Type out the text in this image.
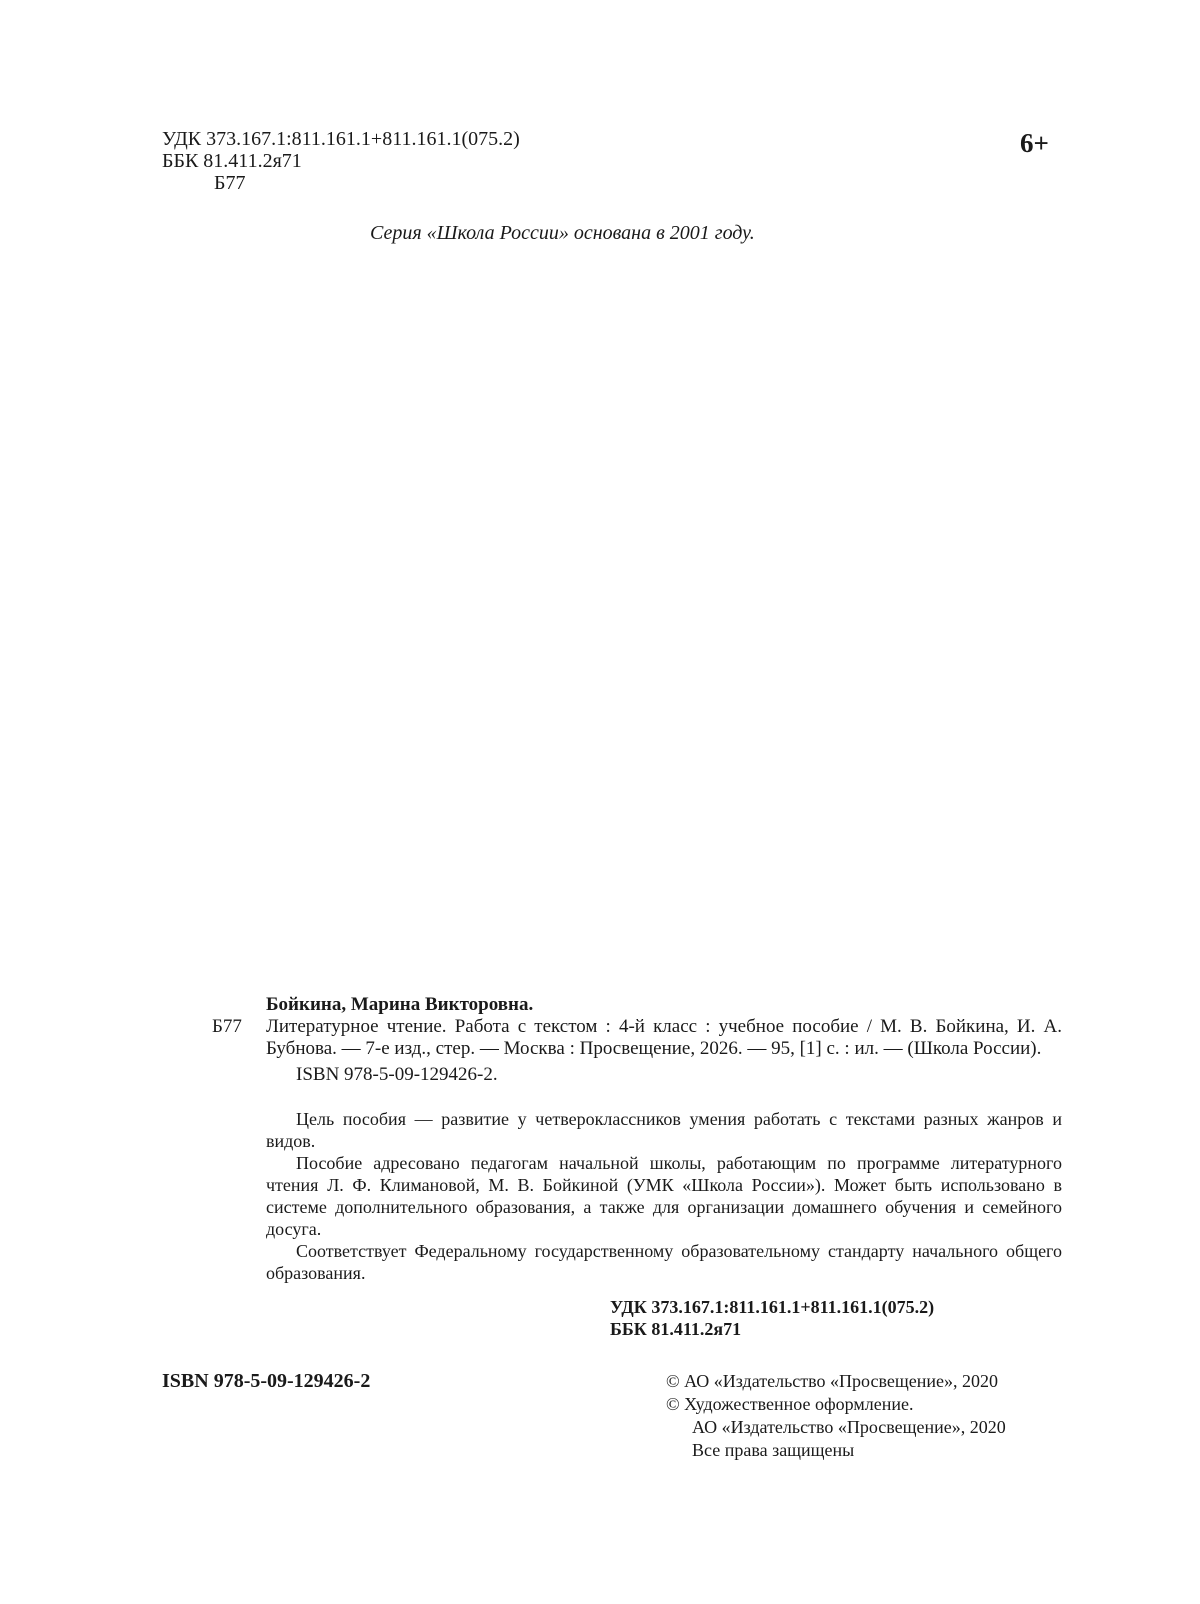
УДК 373.167.1:811.161.1+811.161.1(075.2)
ББК 81.411.2я71
Б77
6+
Серия «Школа России» основана в 2001 году.
Бойкина, Марина Викторовна.
Б77	Литературное чтение. Работа с текстом : 4-й класс : учебное пособие / М. В. Бойкина, И. А. Бубнова. — 7-е изд., стер. — Москва : Просвещение, 2026. — 95, [1] с. : ил. — (Школа России).
ISBN 978-5-09-129426-2.

Цель пособия — развитие у четвероклассников умения работать с текстами разных жанров и видов.

Пособие адресовано педагогам начальной школы, работающим по программе литературного чтения Л. Ф. Климановой, М. В. Бойкиной (УМК «Школа России»). Может быть использовано в системе дополнительного образования, а также для организации домашнего обучения и семейного досуга.

Соответствует Федеральному государственному образовательному стандарту начального общего образования.

УДК 373.167.1:811.161.1+811.161.1(075.2)
ББК 81.411.2я71
ISBN 978-5-09-129426-2	© АО «Издательство «Просвещение», 2020
© Художественное оформление.
АО «Издательство «Просвещение», 2020
Все права защищены
